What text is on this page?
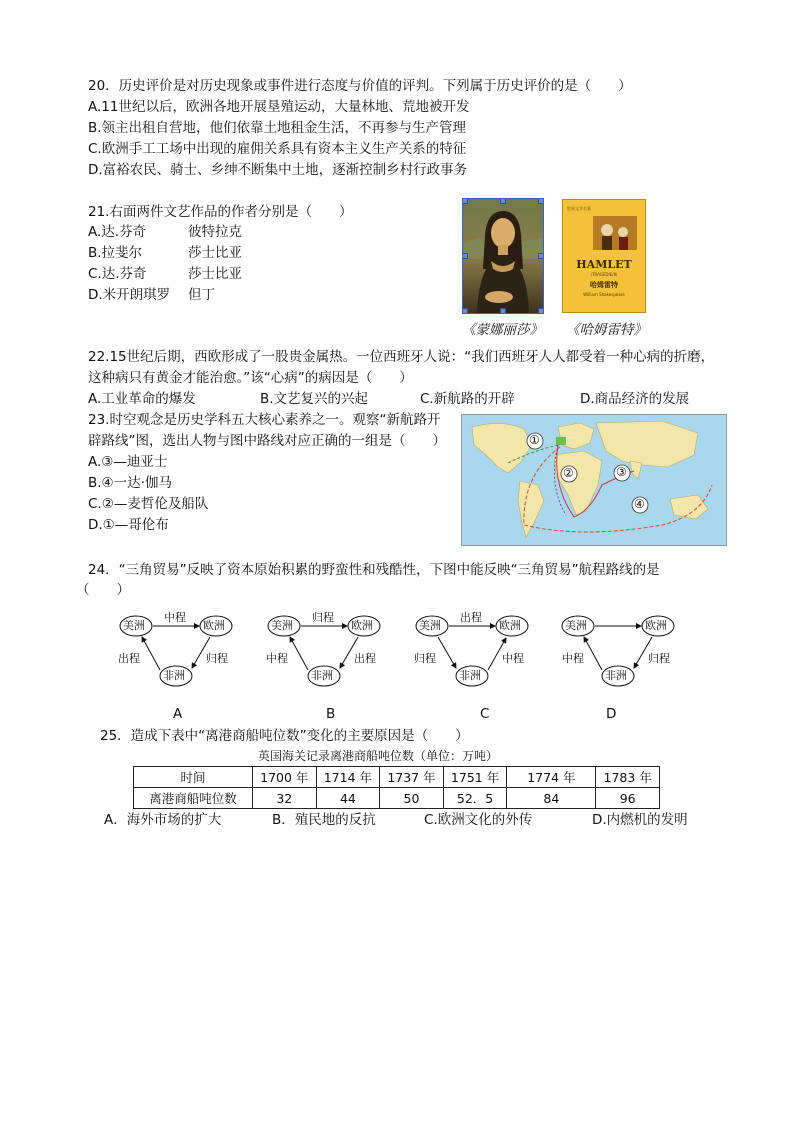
20．历史评价是对历史现象或事件进行态度与价值的评判。下列属于历史评价的是（　　）
A.11世纪以后，欧洲各地开展垦殖运动，大量林地、荒地被开发
B.领主出租自营地，他们依靠土地租金生活，不再参与生产管理
C.欧洲手工工场中出现的雇佣关系具有资本主义生产关系的特征
D.富裕农民、骑士、乡绅不断集中土地，逐渐控制乡村行政事务
21.右面两件文艺作品的作者分别是（　　）
A.达.芬奇	彼特拉克
B.拉斐尔	莎士比亚
C.达.芬奇	莎士比亚
D.米开朗琪罗 但丁
世界文学名著
HAMLET
(TRAGEDIE/II)
哈姆雷特
William Shakespeare
《蒙娜丽莎》 《哈姆雷特》
22.15世纪后期，西欧形成了一股贵金属热。一位西班牙人说：“我们西班牙人人都受着一种心病的折磨，
这种病只有黄金才能治愈。”该“心病”的病因是（　　）
A.工业革命的爆发	B.文艺复兴的兴起	C.新航路的开辟	D.商品经济的发展
23.时空观念是历史学科五大核心素养之一。观察“新航路开
辟路线”图，选出人物与图中路线对应正确的一组是（　　）
A.③—迪亚士
B.④一达·伽马
C.②—麦哲伦及船队
D.①—哥伦布
①
②	③
④
24．“三角贸易”反映了资本原始积累的野蛮性和残酷性，下图中能反映“三角贸易”航程路线的是
（　　）
美洲	欧洲
非洲
中程
出程	归程
A
美洲	欧洲
非洲
归程
中程	出程
B
美洲	欧洲
非洲
出程
归程	中程
C
美洲	欧洲
非洲
中程	归程
D
25．造成下表中“离港商船吨位数”变化的主要原因是（　　）
英国海关记录离港商船吨位数（单位：万吨）
时间	1700 年	1714 年	1737 年	1751 年	1774 年	1783 年
离港商船吨位数	32	44	50	52．5	84	96
A．海外市场的扩大	B．殖民地的反抗	C.欧洲文化的外传	D.内燃机的发明
